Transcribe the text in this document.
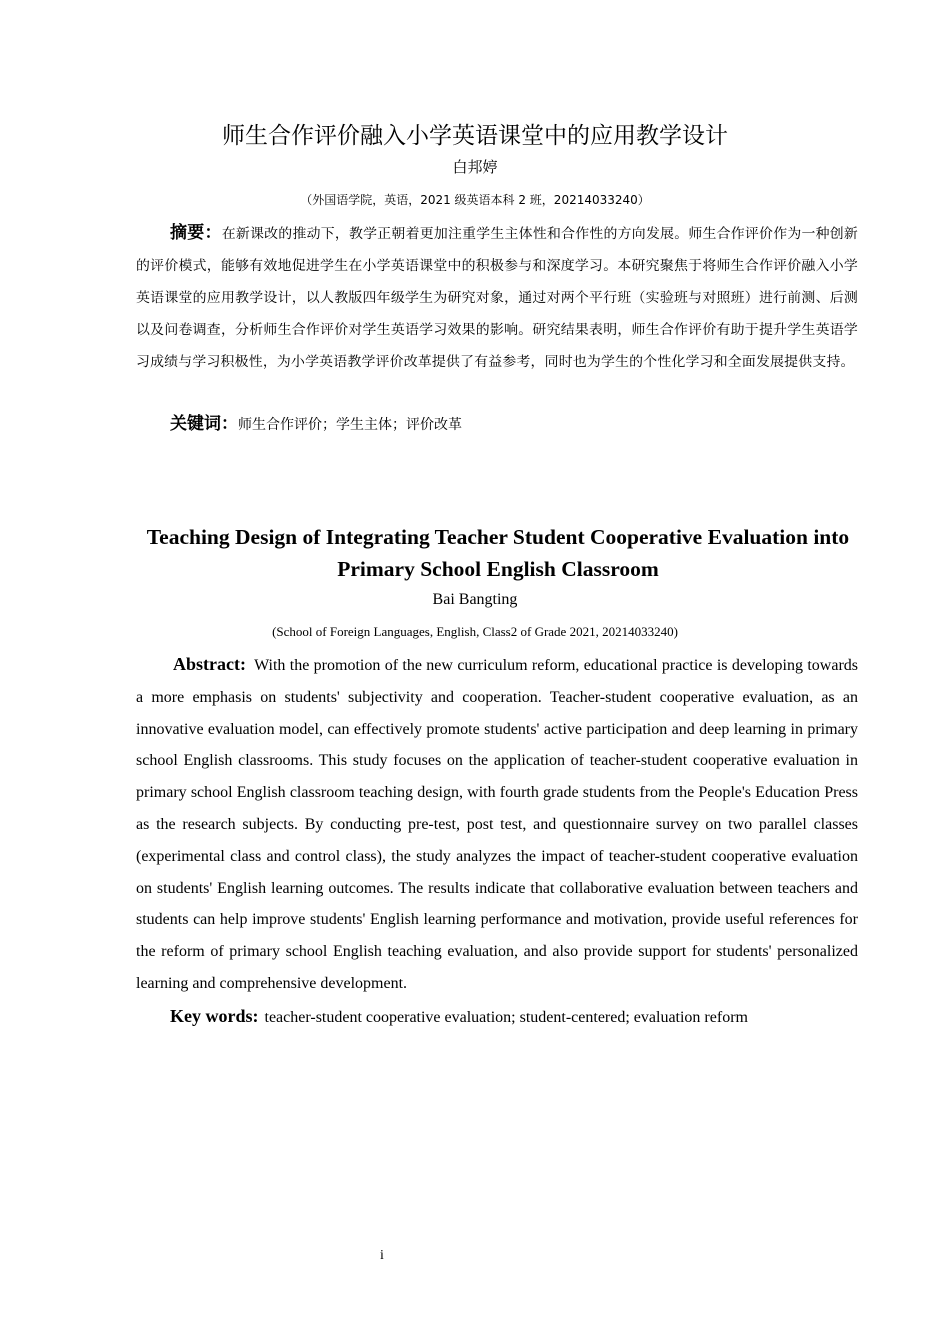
师生合作评价融入小学英语课堂中的应用教学设计
白邦婷
（外国语学院，英语，2021 级英语本科 2 班，20214033240）

摘要：在新课改的推动下，教学正朝着更加注重学生主体性和合作性的方向发展。师生合作评价作为一种创新的评价模式，能够有效地促进学生在小学英语课堂中的积极参与和深度学习。本研究聚焦于将师生合作评价融入小学英语课堂的应用教学设计，以人教版四年级学生为研究对象，通过对两个平行班（实验班与对照班）进行前测、后测以及问卷调查，分析师生合作评价对学生英语学习效果的影响。研究结果表明，师生合作评价有助于提升学生英语学习成绩与学习积极性，为小学英语教学评价改革提供了有益参考，同时也为学生的个性化学习和全面发展提供支持。

关键词：师生合作评价；学生主体；评价改革

Teaching Design of Integrating Teacher Student Cooperative Evaluation into Primary School English Classroom
Bai Bangting
(School of Foreign Languages, English, Class2 of Grade 2021, 20214033240)

Abstract: With the promotion of the new curriculum reform, educational practice is developing towards a more emphasis on students' subjectivity and cooperation. Teacher-student cooperative evaluation, as an innovative evaluation model, can effectively promote students' active participation and deep learning in primary school English classrooms. This study focuses on the application of teacher-student cooperative evaluation in primary school English classroom teaching design, with fourth grade students from the People's Education Press as the research subjects. By conducting pre-test, post test, and questionnaire survey on two parallel classes (experimental class and control class), the study analyzes the impact of teacher-student cooperative evaluation on students' English learning outcomes. The results indicate that collaborative evaluation between teachers and students can help improve students' English learning performance and motivation, provide useful references for the reform of primary school English teaching evaluation, and also provide support for students' personalized learning and comprehensive development.

Key words: teacher-student cooperative evaluation; student-centered; evaluation reform

i
